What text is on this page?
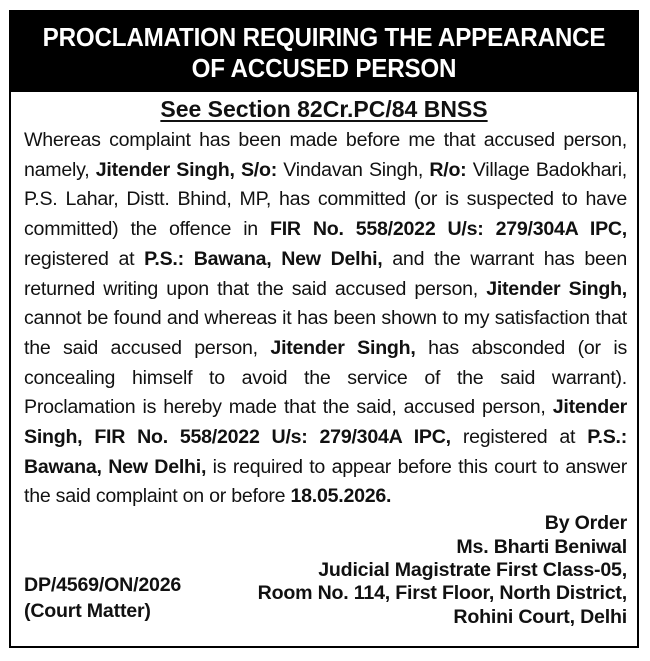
PROCLAMATION REQUIRING THE APPEARANCE
OF ACCUSED PERSON
See Section 82Cr.PC/84 BNSS
Whereas complaint has been made before me that accused person, namely, Jitender Singh, S/o: Vindavan Singh, R/o: Village Badokhari, P.S. Lahar, Distt. Bhind, MP, has committed (or is suspected to have committed) the offence in FIR No. 558/2022 U/s: 279/304A IPC, registered at P.S.: Bawana, New Delhi, and the warrant has been returned writing upon that the said accused person, Jitender Singh, cannot be found and whereas it has been shown to my satisfaction that the said accused person, Jitender Singh, has absconded (or is concealing himself to avoid the service of the said warrant). Proclamation is hereby made that the said, accused person, Jitender Singh, FIR No. 558/2022 U/s: 279/304A IPC, registered at P.S.: Bawana, New Delhi, is required to appear before this court to answer the said complaint on or before 18.05.2026.
By Order
Ms. Bharti Beniwal
Judicial Magistrate First Class-05,
Room No. 114, First Floor, North District,
Rohini Court, Delhi
DP/4569/ON/2026
(Court Matter)
